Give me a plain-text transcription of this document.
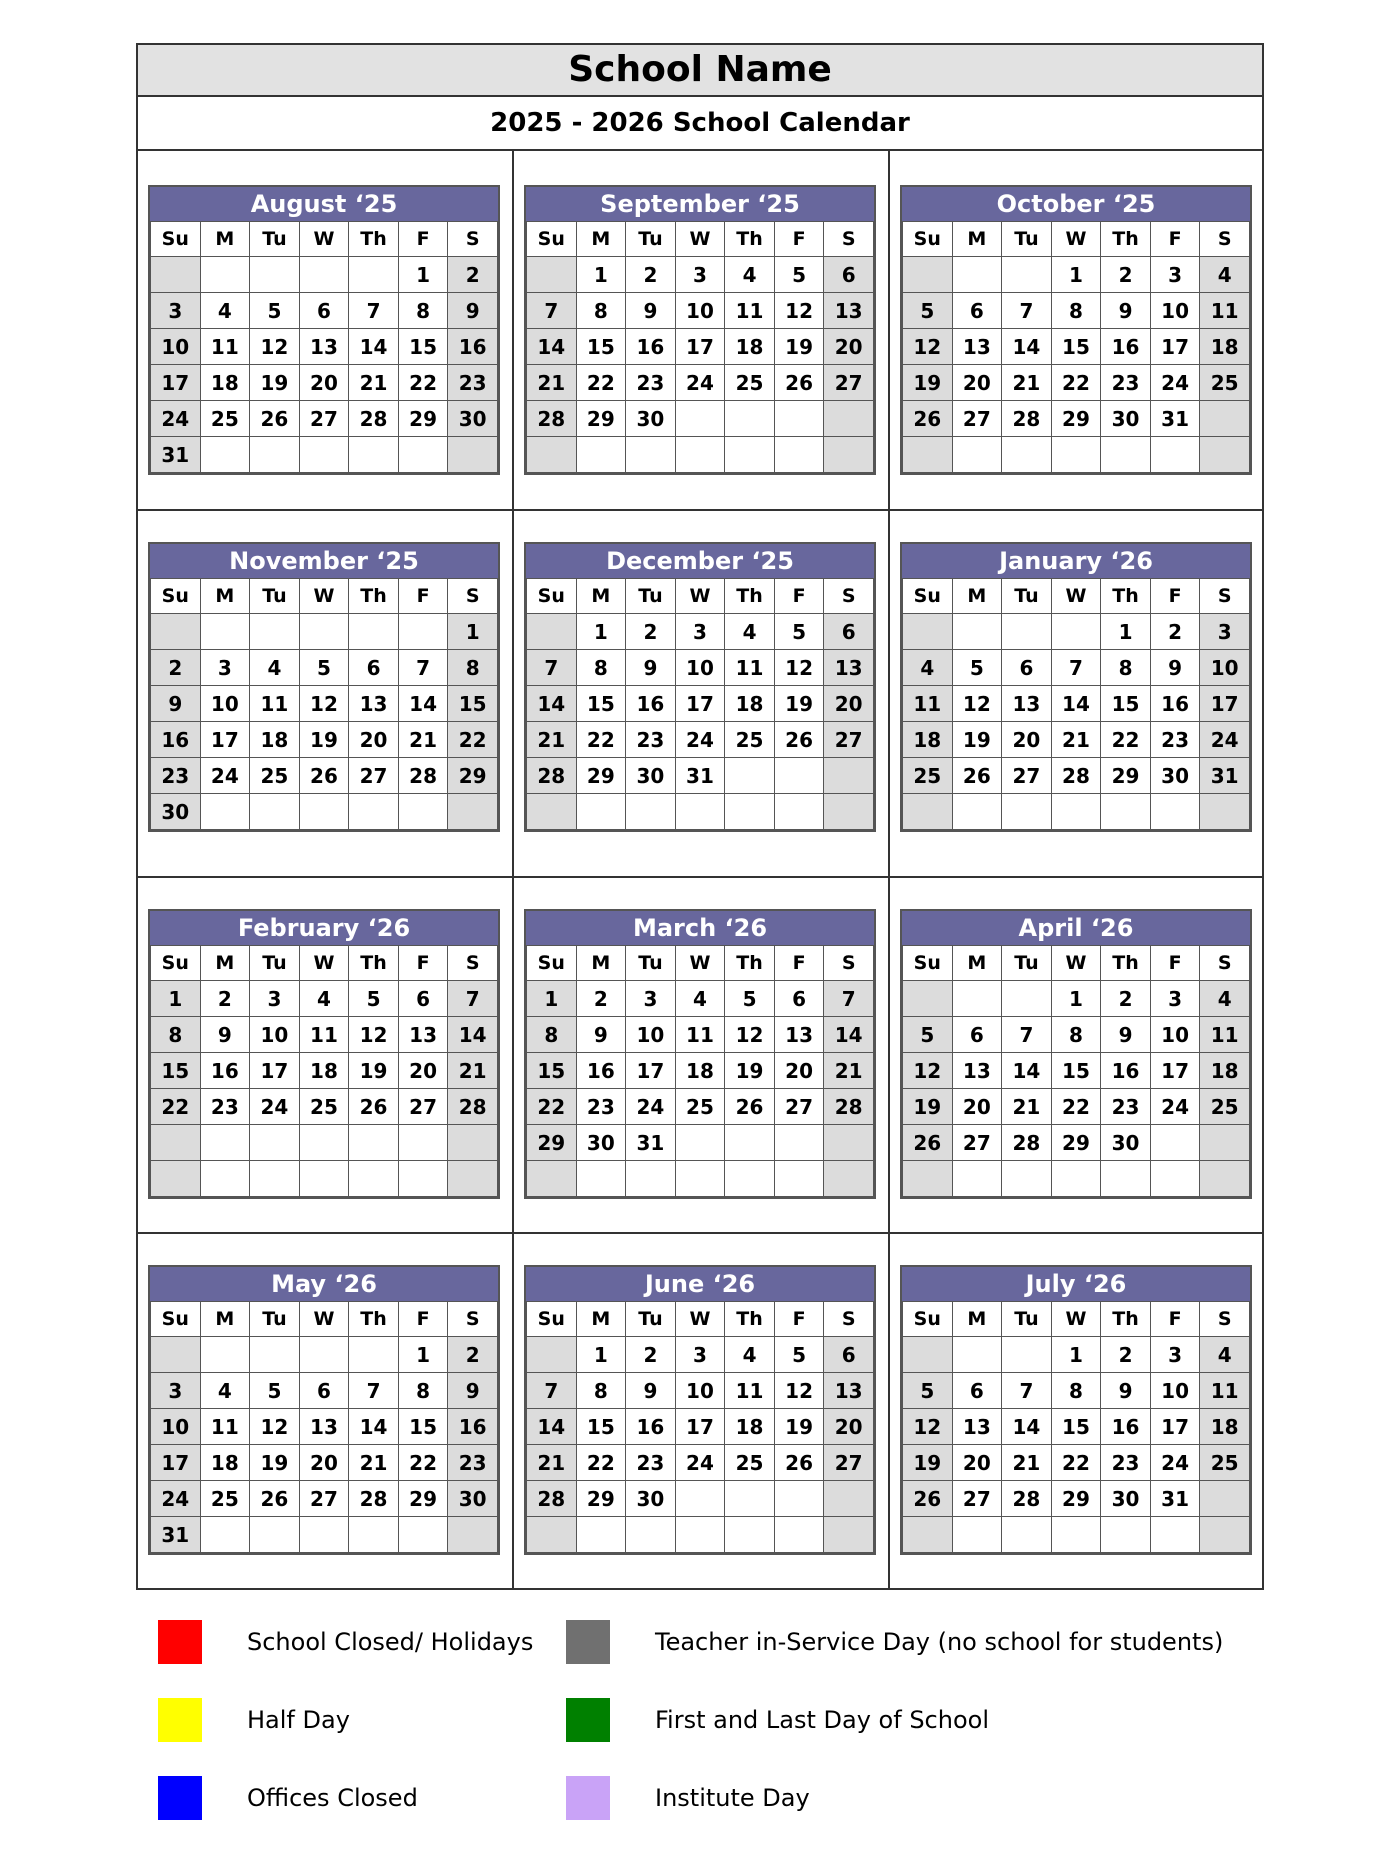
School Name
2025 - 2026 School Calendar
August ‘25
Su	M	Tu	W	Th	F	S
					1	2
3	4	5	6	7	8	9
10	11	12	13	14	15	16
17	18	19	20	21	22	23
24	25	26	27	28	29	30
31						
September ‘25
Su	M	Tu	W	Th	F	S
	1	2	3	4	5	6
7	8	9	10	11	12	13
14	15	16	17	18	19	20
21	22	23	24	25	26	27
28	29	30				

October ‘25
Su	M	Tu	W	Th	F	S
			1	2	3	4
5	6	7	8	9	10	11
12	13	14	15	16	17	18
19	20	21	22	23	24	25
26	27	28	29	30	31	

November ‘25
Su	M	Tu	W	Th	F	S
						1
2	3	4	5	6	7	8
9	10	11	12	13	14	15
16	17	18	19	20	21	22
23	24	25	26	27	28	29
30						
December ‘25
Su	M	Tu	W	Th	F	S
	1	2	3	4	5	6
7	8	9	10	11	12	13
14	15	16	17	18	19	20
21	22	23	24	25	26	27
28	29	30	31			

January ‘26
Su	M	Tu	W	Th	F	S
				1	2	3
4	5	6	7	8	9	10
11	12	13	14	15	16	17
18	19	20	21	22	23	24
25	26	27	28	29	30	31

February ‘26
Su	M	Tu	W	Th	F	S
1	2	3	4	5	6	7
8	9	10	11	12	13	14
15	16	17	18	19	20	21
22	23	24	25	26	27	28

March ‘26
Su	M	Tu	W	Th	F	S
1	2	3	4	5	6	7
8	9	10	11	12	13	14
15	16	17	18	19	20	21
22	23	24	25	26	27	28
29	30	31				

April ‘26
Su	M	Tu	W	Th	F	S
			1	2	3	4
5	6	7	8	9	10	11
12	13	14	15	16	17	18
19	20	21	22	23	24	25
26	27	28	29	30		

May ‘26
Su	M	Tu	W	Th	F	S
					1	2
3	4	5	6	7	8	9
10	11	12	13	14	15	16
17	18	19	20	21	22	23
24	25	26	27	28	29	30
31						
June ‘26
Su	M	Tu	W	Th	F	S
	1	2	3	4	5	6
7	8	9	10	11	12	13
14	15	16	17	18	19	20
21	22	23	24	25	26	27
28	29	30				

July ‘26
Su	M	Tu	W	Th	F	S
			1	2	3	4
5	6	7	8	9	10	11
12	13	14	15	16	17	18
19	20	21	22	23	24	25
26	27	28	29	30	31	

School Closed/ Holidays	Teacher in-Service Day (no school for students)
Half Day	First and Last Day of School
Offices Closed	Institute Day
